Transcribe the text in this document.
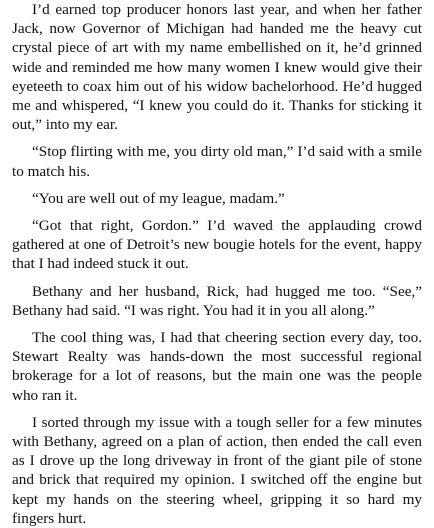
I’d earned top producer honors last year, and when her father Jack, now Governor of Michigan had handed me the heavy cut crystal piece of art with my name embellished on it, he’d grinned wide and reminded me how many women I knew would give their eyeteeth to coax him out of his widow bachelorhood. He’d hugged me and whispered, “I knew you could do it. Thanks for sticking it out,” into my ear.

“Stop flirting with me, you dirty old man,” I’d said with a smile to match his.

“You are well out of my league, madam.”

“Got that right, Gordon.” I’d waved the applauding crowd gathered at one of Detroit’s new bougie hotels for the event, happy that I had indeed stuck it out.

Bethany and her husband, Rick, had hugged me too. “See,” Bethany had said. “I was right. You had it in you all along.”

The cool thing was, I had that cheering section every day, too. Stewart Realty was hands-down the most successful regional brokerage for a lot of reasons, but the main one was the people who ran it.

I sorted through my issue with a tough seller for a few minutes with Bethany, agreed on a plan of action, then ended the call even as I drove up the long driveway in front of the giant pile of stone and brick that required my opinion. I switched off the engine but kept my hands on the steering wheel, gripping it so hard my fingers hurt.
